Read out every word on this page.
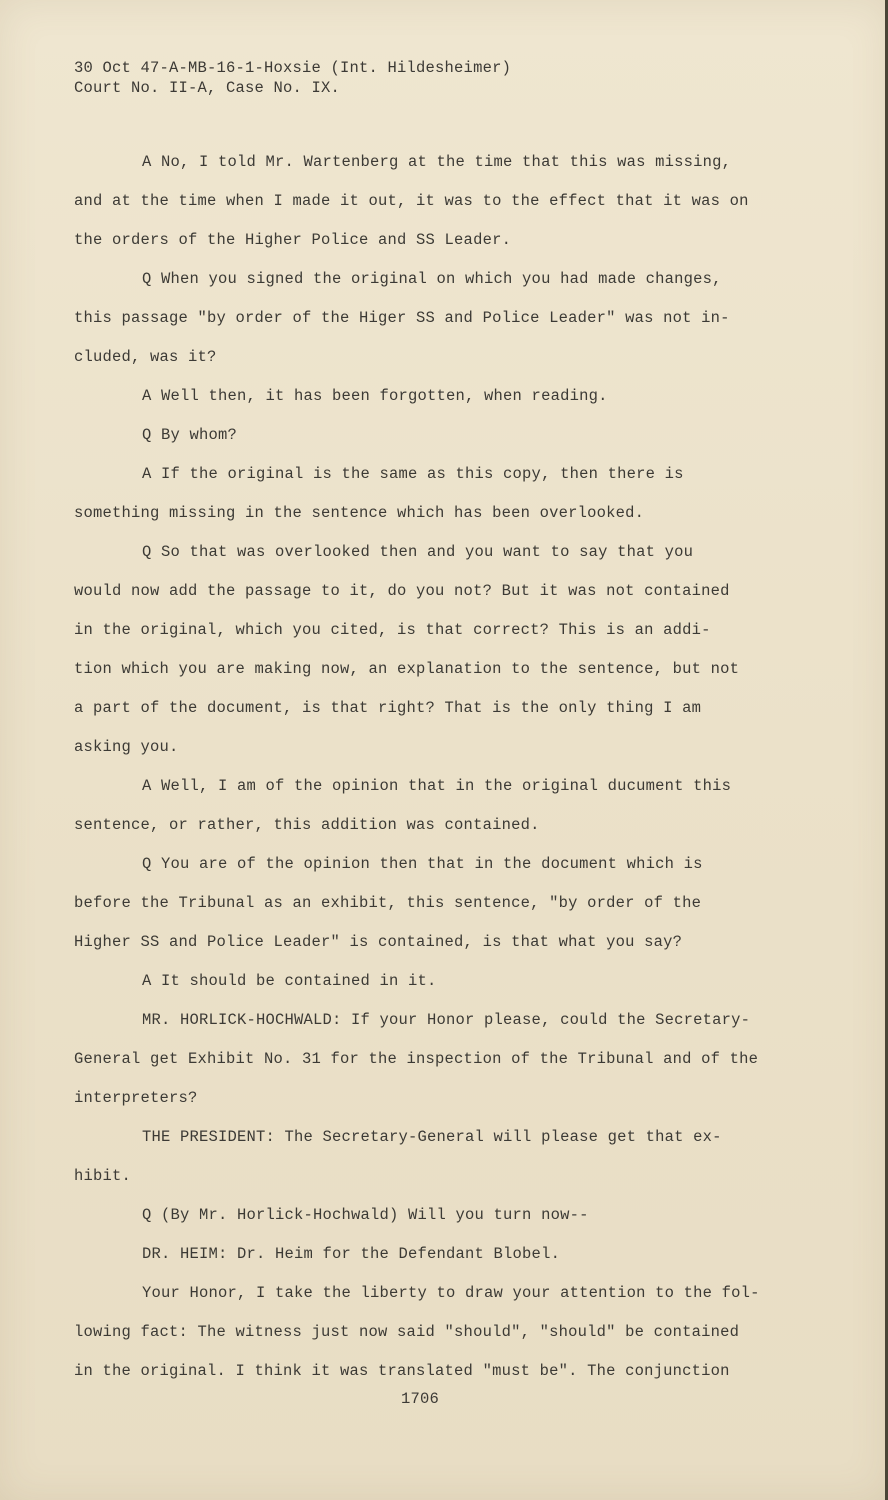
30 Oct 47-A-MB-16-1-Hoxsie (Int. Hildesheimer)
Court No. II-A, Case No. IX.
A No, I told Mr. Wartenberg at the time that this was missing,
and at the time when I made it out, it was to the effect that it was on
the orders of the Higher Police and SS Leader.
Q When you signed the original on which you had made changes,
this passage "by order of the Higer SS and Police Leader" was not in-
cluded, was it?
A Well then, it has been forgotten, when reading.
Q By whom?
A If the original is the same as this copy, then there is
something missing in the sentence which has been overlooked.
Q So that was overlooked then and you want to say that you
would now add the passage to it, do you not? But it was not contained
in the original, which you cited, is that correct? This is an addi-
tion which you are making now, an explanation to the sentence, but not
a part of the document, is that right? That is the only thing I am
asking you.
A Well, I am of the opinion that in the original ducument this
sentence, or rather, this addition was contained.
Q You are of the opinion then that in the document which is
before the Tribunal as an exhibit, this sentence, "by order of the
Higher SS and Police Leader" is contained, is that what you say?
A It should be contained in it.
MR. HORLICK-HOCHWALD: If your Honor please, could the Secretary-
General get Exhibit No. 31 for the inspection of the Tribunal and of the
interpreters?
THE PRESIDENT: The Secretary-General will please get that ex-
hibit.
Q (By Mr. Horlick-Hochwald) Will you turn now--
DR. HEIM: Dr. Heim for the Defendant Blobel.
Your Honor, I take the liberty to draw your attention to the fol-
lowing fact: The witness just now said "should", "should" be contained
in the original. I think it was translated "must be". The conjunction
1706
